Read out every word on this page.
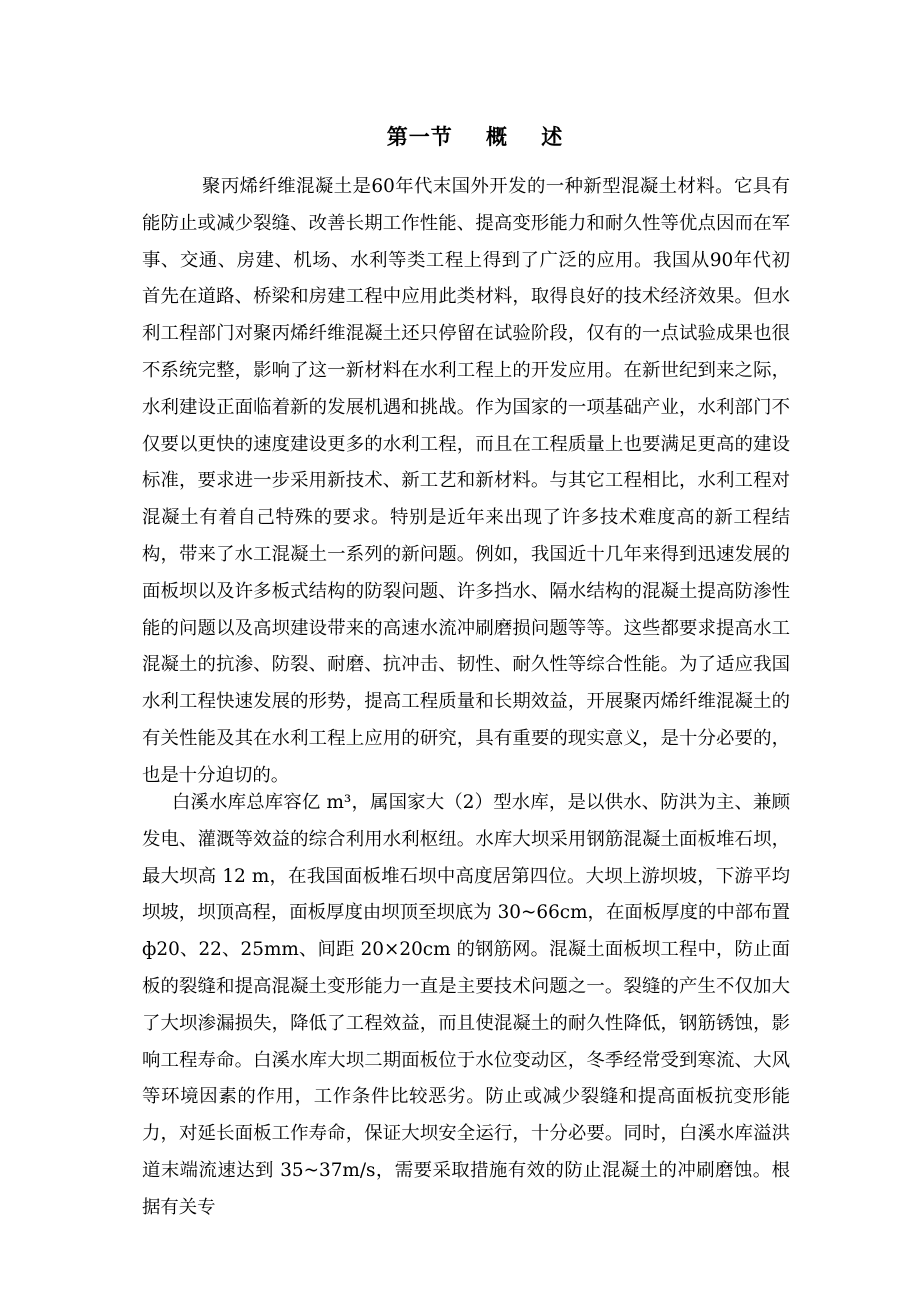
第一节    概    述

聚丙烯纤维混凝土是60年代末国外开发的一种新型混凝土材料。它具有能防止或减少裂缝、改善长期工作性能、提高变形能力和耐久性等优点因而在军事、交通、房建、机场、水利等类工程上得到了广泛的应用。我国从90年代初首先在道路、桥梁和房建工程中应用此类材料，取得良好的技术经济效果。但水利工程部门对聚丙烯纤维混凝土还只停留在试验阶段，仅有的一点试验成果也很不系统完整，影响了这一新材料在水利工程上的开发应用。在新世纪到来之际，水利建设正面临着新的发展机遇和挑战。作为国家的一项基础产业，水利部门不仅要以更快的速度建设更多的水利工程，而且在工程质量上也要满足更高的建设标准，要求进一步采用新技术、新工艺和新材料。与其它工程相比，水利工程对混凝土有着自己特殊的要求。特别是近年来出现了许多技术难度高的新工程结构，带来了水工混凝土一系列的新问题。例如，我国近十几年来得到迅速发展的面板坝以及许多板式结构的防裂问题、许多挡水、隔水结构的混凝土提高防渗性能的问题以及高坝建设带来的高速水流冲刷磨损问题等等。这些都要求提高水工混凝土的抗渗、防裂、耐磨、抗冲击、韧性、耐久性等综合性能。为了适应我国水利工程快速发展的形势，提高工程质量和长期效益，开展聚丙烯纤维混凝土的有关性能及其在水利工程上应用的研究，具有重要的现实意义，是十分必要的，也是十分迫切的。

白溪水库总库容亿 m³，属国家大（2）型水库，是以供水、防洪为主、兼顾发电、灌溉等效益的综合利用水利枢纽。水库大坝采用钢筋混凝土面板堆石坝，最大坝高 12 m，在我国面板堆石坝中高度居第四位。大坝上游坝坡，下游平均坝坡，坝顶高程，面板厚度由坝顶至坝底为 30~66cm，在面板厚度的中部布置ф20、22、25mm、间距 20×20cm 的钢筋网。混凝土面板坝工程中，防止面板的裂缝和提高混凝土变形能力一直是主要技术问题之一。裂缝的产生不仅加大了大坝渗漏损失，降低了工程效益，而且使混凝土的耐久性降低，钢筋锈蚀，影响工程寿命。白溪水库大坝二期面板位于水位变动区，冬季经常受到寒流、大风等环境因素的作用，工作条件比较恶劣。防止或减少裂缝和提高面板抗变形能力，对延长面板工作寿命，保证大坝安全运行，十分必要。同时，白溪水库溢洪道末端流速达到 35~37m/s，需要采取措施有效的防止混凝土的冲刷磨蚀。根据有关专
